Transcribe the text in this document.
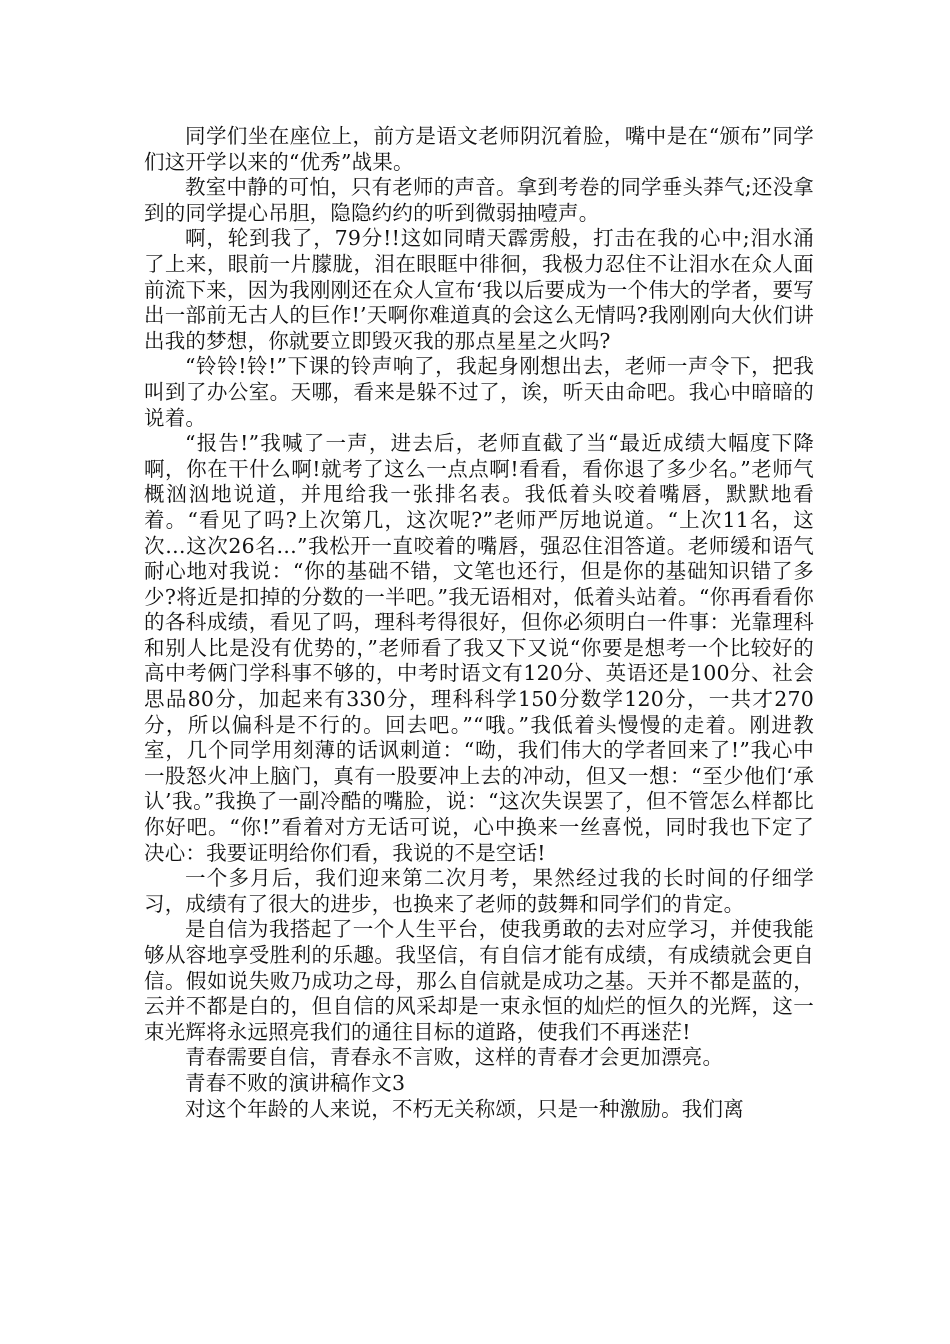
同学们坐在座位上，前方是语文老师阴沉着脸，嘴中是在“颁布”同学们这开学以来的“优秀”战果。

教室中静的可怕，只有老师的声音。拿到考卷的同学垂头莽气;还没拿到的同学提心吊胆，隐隐约约的听到微弱抽噎声。

啊，轮到我了，79分!!这如同晴天霹雳般，打击在我的心中;泪水涌了上来，眼前一片朦胧，泪在眼眶中徘徊，我极力忍住不让泪水在众人面前流下来，因为我刚刚还在众人宣布‘我以后要成为一个伟大的学者，要写出一部前无古人的巨作!’天啊你难道真的会这么无情吗?我刚刚向大伙们讲出我的梦想，你就要立即毁灭我的那点星星之火吗?

“铃铃!铃!”下课的铃声响了，我起身刚想出去，老师一声令下，把我叫到了办公室。天哪，看来是躲不过了，诶，听天由命吧。我心中暗暗的说着。

“报告!”我喊了一声，进去后，老师直截了当“最近成绩大幅度下降啊，你在干什么啊!就考了这么一点点啊!看看，看你退了多少名。”老师气概汹汹地说道，并甩给我一张排名表。我低着头咬着嘴唇，默默地看着。“看见了吗?上次第几，这次呢?”老师严厉地说道。“上次11名，这次…这次26名…”我松开一直咬着的嘴唇，强忍住泪答道。老师缓和语气耐心地对我说：“你的基础不错，文笔也还行，但是你的基础知识错了多少?将近是扣掉的分数的一半吧。”我无语相对，低着头站着。“你再看看你的各科成绩，看见了吗，理科考得很好，但你必须明白一件事：光靠理科和别人比是没有优势的，”老师看了我又下又说“你要是想考一个比较好的高中考俩门学科事不够的，中考时语文有120分、英语还是100分、社会思品80分，加起来有330分，理科科学150分数学120分，一共才270分，所以偏科是不行的。回去吧。”“哦。”我低着头慢慢的走着。刚进教室，几个同学用刻薄的话讽刺道：“呦，我们伟大的学者回来了!”我心中一股怒火冲上脑门，真有一股要冲上去的冲动，但又一想：“至少他们‘承认’我。”我换了一副冷酷的嘴脸，说：“这次失误罢了，但不管怎么样都比你好吧。“你!”看着对方无话可说，心中换来一丝喜悦，同时我也下定了决心：我要证明给你们看，我说的不是空话!

一个多月后，我们迎来第二次月考，果然经过我的长时间的仔细学习，成绩有了很大的进步，也换来了老师的鼓舞和同学们的肯定。

是自信为我搭起了一个人生平台，使我勇敢的去对应学习，并使我能够从容地享受胜利的乐趣。我坚信，有自信才能有成绩，有成绩就会更自信。假如说失败乃成功之母，那么自信就是成功之基。天并不都是蓝的，云并不都是白的，但自信的风采却是一束永恒的灿烂的恒久的光辉，这一束光辉将永远照亮我们的通往目标的道路，使我们不再迷茫!

青春需要自信，青春永不言败，这样的青春才会更加漂亮。

青春不败的演讲稿作文3

对这个年龄的人来说，不朽无关称颂，只是一种激励。我们离
